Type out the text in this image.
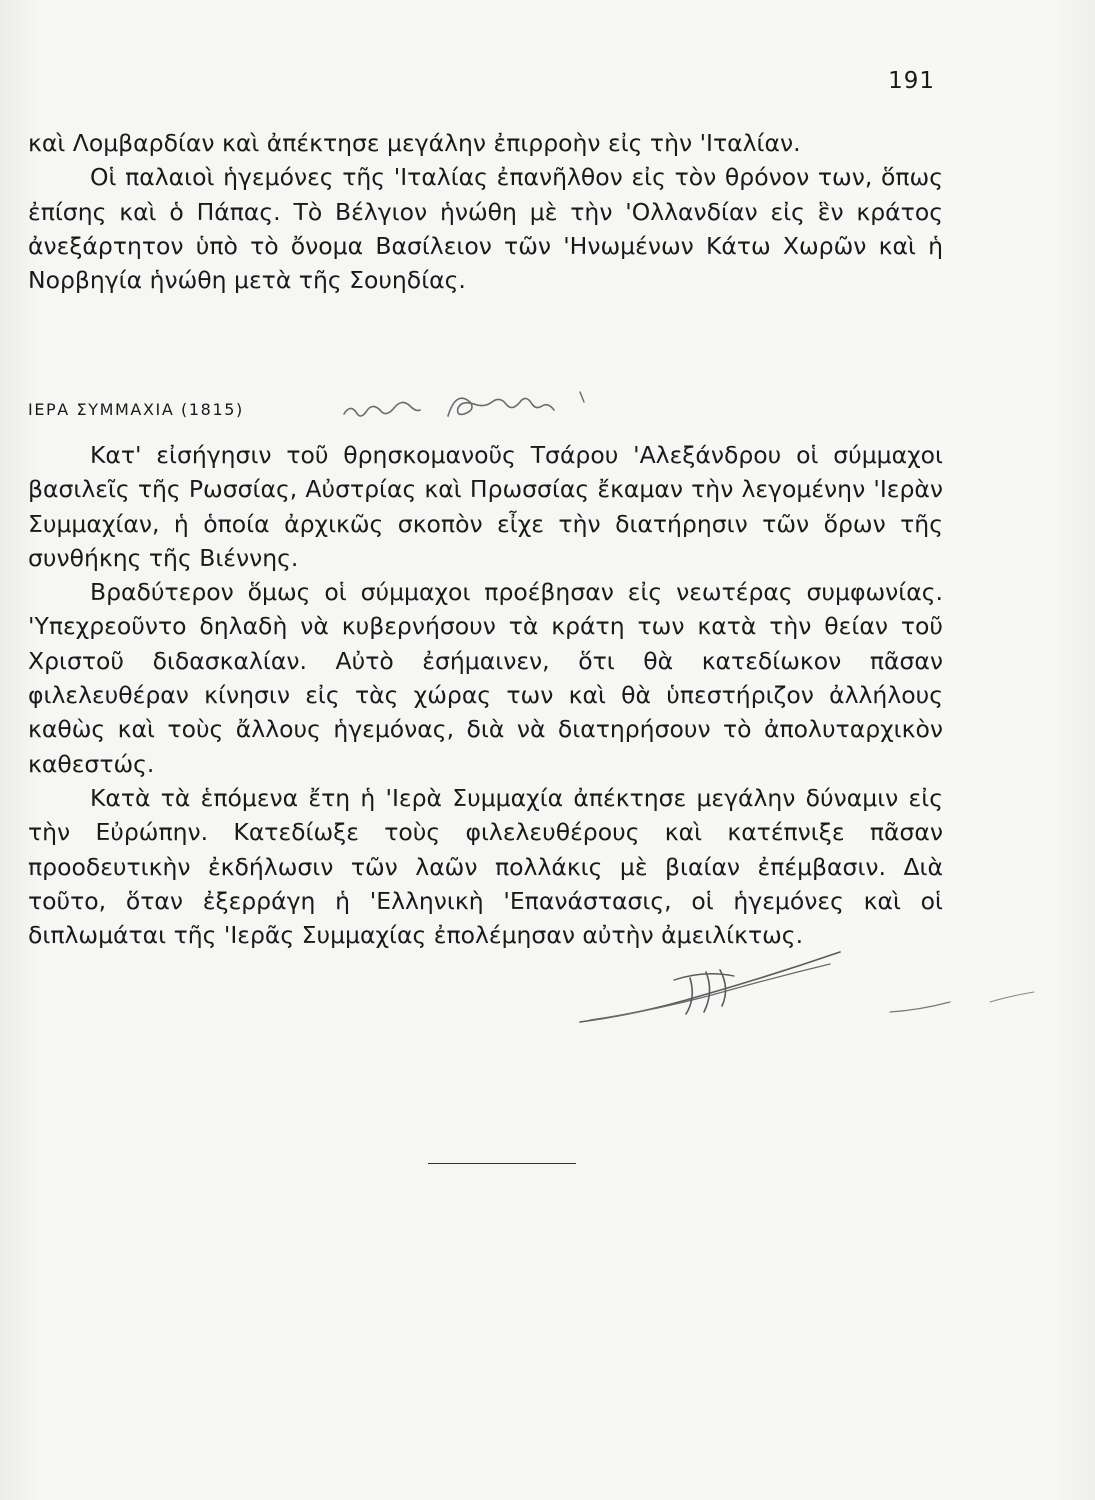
191

καὶ Λομβαρδίαν καὶ ἀπέκτησε μεγάλην ἐπιρροὴν εἰς τὴν 'Ιταλίαν.

Οἱ παλαιοὶ ἡγεμόνες τῆς 'Ιταλίας ἐπανῆλθον εἰς τὸν θρόνον των, ὅπως ἐπίσης καὶ ὁ Πάπας. Τὸ Βέλγιον ἡνώθη μὲ τὴν 'Ολλανδίαν εἰς ἓν κράτος ἀνεξάρτητον ὑπὸ τὸ ὄνομα Βασίλειον τῶν 'Ηνωμένων Κάτω Χωρῶν καὶ ἡ Νορβηγία ἡνώθη μετὰ τῆς Σουηδίας.

ΙΕΡΑ ΣΥΜΜΑΧΙΑ (1815)

Κατ' εἰσήγησιν τοῦ θρησκομανοῦς Τσάρου 'Αλεξάνδρου οἱ σύμμαχοι βασιλεῖς τῆς Ρωσσίας, Αὐστρίας καὶ Πρωσσίας ἔκαμαν τὴν λεγομένην 'Ιερὰν Συμμαχίαν, ἡ ὁποία ἀρχικῶς σκοπὸν εἶχε τὴν διατήρησιν τῶν ὅρων τῆς συνθήκης τῆς Βιέννης.

Βραδύτερον ὅμως οἱ σύμμαχοι προέβησαν εἰς νεωτέρας συμφωνίας. 'Υπεχρεοῦντο δηλαδὴ νὰ κυβερνήσουν τὰ κράτη των κατὰ τὴν θείαν τοῦ Χριστοῦ διδασκαλίαν. Αὐτὸ ἐσήμαινεν, ὅτι θὰ κατεδίωκον πᾶσαν φιλελευθέραν κίνησιν εἰς τὰς χώρας των καὶ θὰ ὑπεστήριζον ἀλλήλους καθὼς καὶ τοὺς ἄλλους ἡγεμόνας, διὰ νὰ διατηρήσουν τὸ ἀπολυταρχικὸν καθεστώς.

Κατὰ τὰ ἑπόμενα ἔτη ἡ 'Ιερὰ Συμμαχία ἀπέκτησε μεγάλην δύναμιν εἰς τὴν Εὐρώπην. Κατεδίωξε τοὺς φιλελευθέρους καὶ κατέπνιξε πᾶσαν προοδευτικὴν ἐκδήλωσιν τῶν λαῶν πολλάκις μὲ βιαίαν ἐπέμβασιν. Διὰ τοῦτο, ὅταν ἐξερράγη ἡ 'Ελληνικὴ 'Επανάστασις, οἱ ἡγεμόνες καὶ οἱ διπλωμάται τῆς 'Ιερᾶς Συμμαχίας ἐπολέμησαν αὐτὴν ἀμειλίκτως.
